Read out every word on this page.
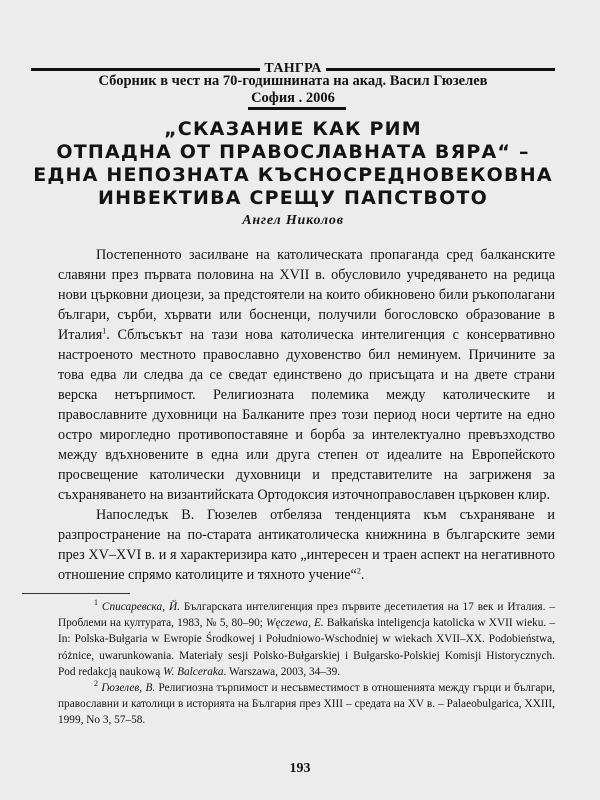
ТАНГРА
Сборник в чест на 70-годишнината на акад. Васил Гюзелев
София . 2006
„СКАЗАНИЕ КАК РИМ
ОТПАДНА ОТ ПРАВОСЛАВНАТА ВЯРА“ –
ЕДНА НЕПОЗНАТА КЪСНОСРЕДНОВЕКОВНА
ИНВЕКТИВА СРЕЩУ ПАПСТВОТО
Ангел Николов

Постепенното засилване на католическата пропаганда сред балканските славяни през първата половина на XVII в. обусловило учредяването на редица нови църковни диоцези, за предстоятели на които обикновено били ръкополагани българи, сърби, хървати или босненци, получили богословско образование в Италия$^1$. Сблъсъкът на тази нова католическа интелигенция с консервативно настроеното местното православно духовенство бил неминуем. Причините за това едва ли следва да се сведат единствено до присъщата и на двете страни верска нетърпимост. Религиозната полемика между католическите и православните духовници на Балканите през този период носи чертите на едно остро мирогледно противопоставяне и борба за интелектуално превъзходство между вдъхновените в една или друга степен от идеалите на Европейското просвещение католически духовници и представителите на загриженя за съхраняването на византийската Ортодоксия източноправославен църковен клир.

Напоследък В. Гюзелев отбеляза тенденцията към съхраняване и разпространение на по-старата антикатолическа книжнина в българските земи през XV–XVI в. и я характеризира като „интересен и траен аспект на негативното отношение спрямо католиците и тяхното учение“$^2$.

$^1$ Списаревска, Й. Българската интелигенция през първите десетилетия на 17 век и Италия. – Проблеми на културата, 1983, № 5, 80–90; Węczewa, E. Bałkańska inteligencja katolicka w XVII wieku. – In: Polska-Bułgaria w Ewropie Środkowej i Południowo-Wschodniej w wiekach XVII–XX. Podobieństwa, różnice, uwarunkowania. Materiały sesji Polsko-Bułgarskiej i Bułgarsko-Polskiej Komisji Historycznych. Pod redakcją naukową W. Balceraka. Warszawa, 2003, 34–39.

$^2$ Гюзелев, В. Религиозна търпимост и несъвместимост в отношенията между гърци и българи, православни и католици в историята на България през XIII – средата на XV в. – Palaeobulgarica, XXIII, 1999, No 3, 57–58.

193
